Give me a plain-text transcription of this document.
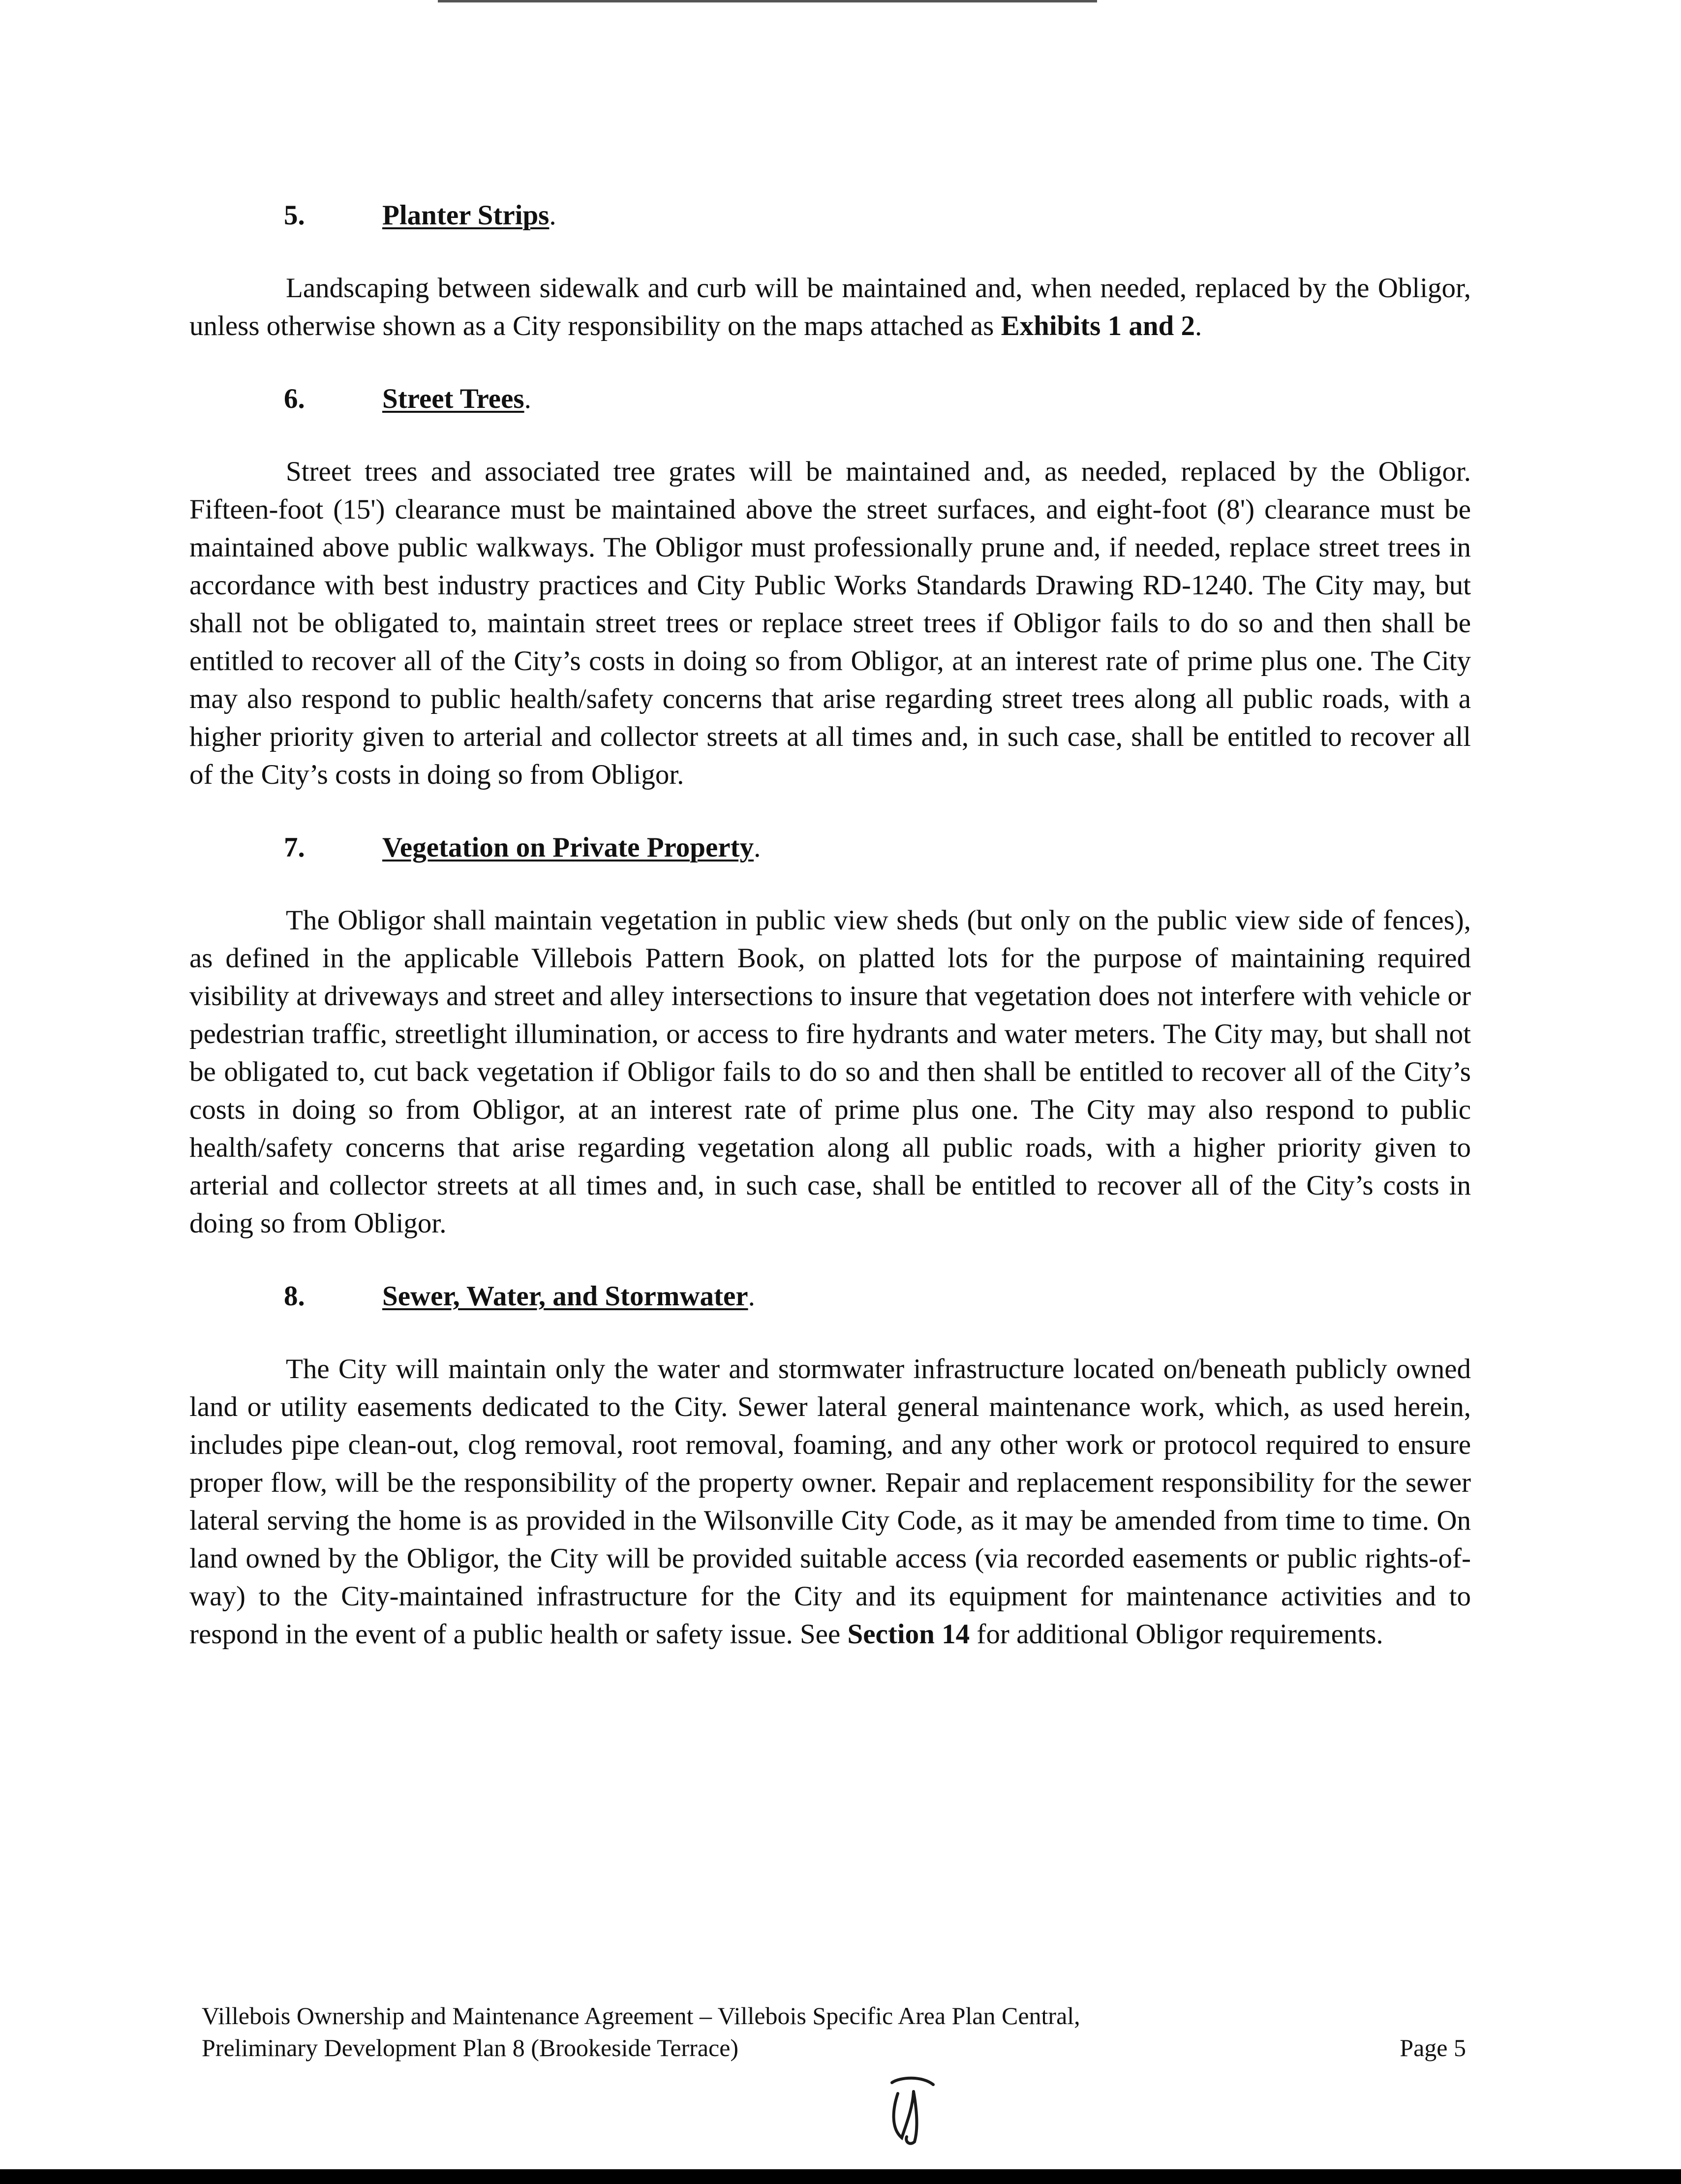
5.	Planter Strips.

Landscaping between sidewalk and curb will be maintained and, when needed, replaced by the Obligor, unless otherwise shown as a City responsibility on the maps attached as Exhibits 1 and 2.

6.	Street Trees.

Street trees and associated tree grates will be maintained and, as needed, replaced by the Obligor. Fifteen-foot (15') clearance must be maintained above the street surfaces, and eight-foot (8') clearance must be maintained above public walkways. The Obligor must professionally prune and, if needed, replace street trees in accordance with best industry practices and City Public Works Standards Drawing RD-1240. The City may, but shall not be obligated to, maintain street trees or replace street trees if Obligor fails to do so and then shall be entitled to recover all of the City’s costs in doing so from Obligor, at an interest rate of prime plus one. The City may also respond to public health/safety concerns that arise regarding street trees along all public roads, with a higher priority given to arterial and collector streets at all times and, in such case, shall be entitled to recover all of the City’s costs in doing so from Obligor.

7.	Vegetation on Private Property.

The Obligor shall maintain vegetation in public view sheds (but only on the public view side of fences), as defined in the applicable Villebois Pattern Book, on platted lots for the purpose of maintaining required visibility at driveways and street and alley intersections to insure that vegetation does not interfere with vehicle or pedestrian traffic, streetlight illumination, or access to fire hydrants and water meters. The City may, but shall not be obligated to, cut back vegetation if Obligor fails to do so and then shall be entitled to recover all of the City’s costs in doing so from Obligor, at an interest rate of prime plus one. The City may also respond to public health/safety concerns that arise regarding vegetation along all public roads, with a higher priority given to arterial and collector streets at all times and, in such case, shall be entitled to recover all of the City’s costs in doing so from Obligor.

8.	Sewer, Water, and Stormwater.

The City will maintain only the water and stormwater infrastructure located on/beneath publicly owned land or utility easements dedicated to the City. Sewer lateral general maintenance work, which, as used herein, includes pipe clean-out, clog removal, root removal, foaming, and any other work or protocol required to ensure proper flow, will be the responsibility of the property owner. Repair and replacement responsibility for the sewer lateral serving the home is as provided in the Wilsonville City Code, as it may be amended from time to time. On land owned by the Obligor, the City will be provided suitable access (via recorded easements or public rights-of-way) to the City-maintained infrastructure for the City and its equipment for maintenance activities and to respond in the event of a public health or safety issue. See Section 14 for additional Obligor requirements.

Villebois Ownership and Maintenance Agreement – Villebois Specific Area Plan Central,
Preliminary Development Plan 8 (Brookeside Terrace)	Page 5
